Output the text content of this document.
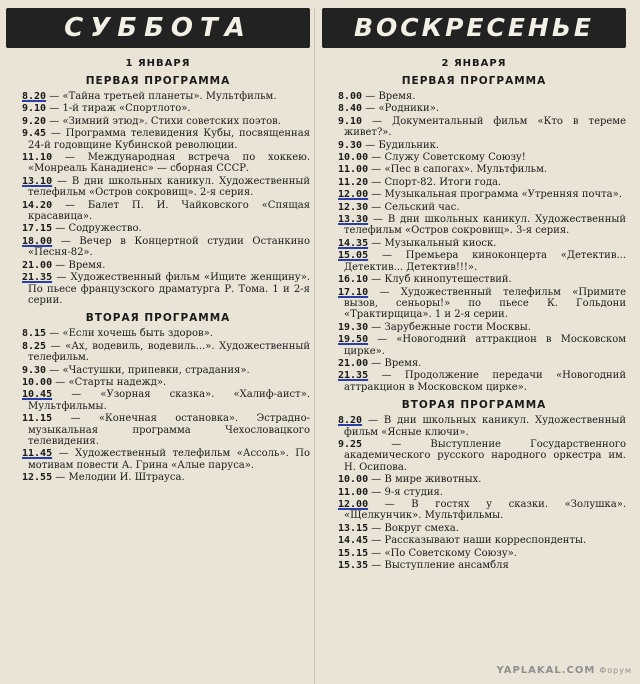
СУББОТА
1 ЯНВАРЯ
ПЕРВАЯ ПРОГРАММА
8.20 — «Тайна третьей планеты». Мультфильм.
9.10 — 1-й тираж «Спортлото».
9.20 — «Зимний этюд». Стихи советских поэтов.
9.45 — Программа телевидения Кубы, посвященная 24-й годовщине Кубинской революции.
11.10 — Международная встреча по хоккею. «Монреаль Канадиенс» — сборная СССР.
13.10 — В дни школьных каникул. Художественный телефильм «Остров сокровищ». 2-я серия.
14.20 — Балет П. И. Чайковского «Спящая красавица».
17.15 — Содружество.
18.00 — Вечер в Концертной студии Останкино «Песня-82».
21.00 — Время.
21.35 — Художественный фильм «Ищите женщину». По пьесе французского драматурга Р. Тома. 1 и 2-я серии.
ВТОРАЯ ПРОГРАММА
8.15 — «Если хочешь быть здоров».
8.25 — «Ах, водевиль, водевиль...». Художественный телефильм.
9.30 — «Частушки, припевки, страдания».
10.00 — «Старты надежд».
10.45 — «Узорная сказка». «Халиф-аист». Мультфильмы.
11.15 — «Конечная остановка». Эстрадно-музыкальная программа Чехословацкого телевидения.
11.45 — Художественный телефильм «Ассоль». По мотивам повести А. Грина «Алые паруса».
12.55 — Мелодии И. Штрауса.
ВОСКРЕСЕНЬЕ
2 ЯНВАРЯ
ПЕРВАЯ ПРОГРАММА
8.00 — Время.
8.40 — «Родники».
9.10 — Документальный фильм «Кто в тереме живет?».
9.30 — Будильник.
10.00 — Служу Советскому Союзу!
11.00 — «Пес в сапогах». Мультфильм.
11.20 — Спорт-82. Итоги года.
12.00 — Музыкальная программа «Утренняя почта».
12.30 — Сельский час.
13.30 — В дни школьных каникул. Художественный телефильм «Остров сокровищ». 3-я серия.
14.35 — Музыкальный киоск.
15.05 — Премьера киноконцерта «Детектив... Детектив... Детектив!!!».
16.10 — Клуб кинопутешествий.
17.10 — Художественный телефильм «Примите вызов, сеньоры!» по пьесе К. Гольдони «Трактирщица». 1 и 2-я серии.
19.30 — Зарубежные гости Москвы.
19.50 — «Новогодний аттракцион в Московском цирке».
21.00 — Время.
21.35 — Продолжение передачи «Новогодний аттракцион в Московском цирке».
ВТОРАЯ ПРОГРАММА
8.20 — В дни школьных каникул. Художественный фильм «Ясные ключи».
9.25 — Выступление Государственного академического русского народного оркестра им. Н. Осипова.
10.00 — В мире животных.
11.00 — 9-я студия.
12.00 — В гостях у сказки. «Золушка». «Щелкунчик». Мультфильмы.
13.15 — Вокруг смеха.
14.45 — Рассказывают наши корреспонденты.
15.15 — «По Советскому Союзу».
15.35 — Выступление ансамбля
YAPLAKAL.COM Форум
